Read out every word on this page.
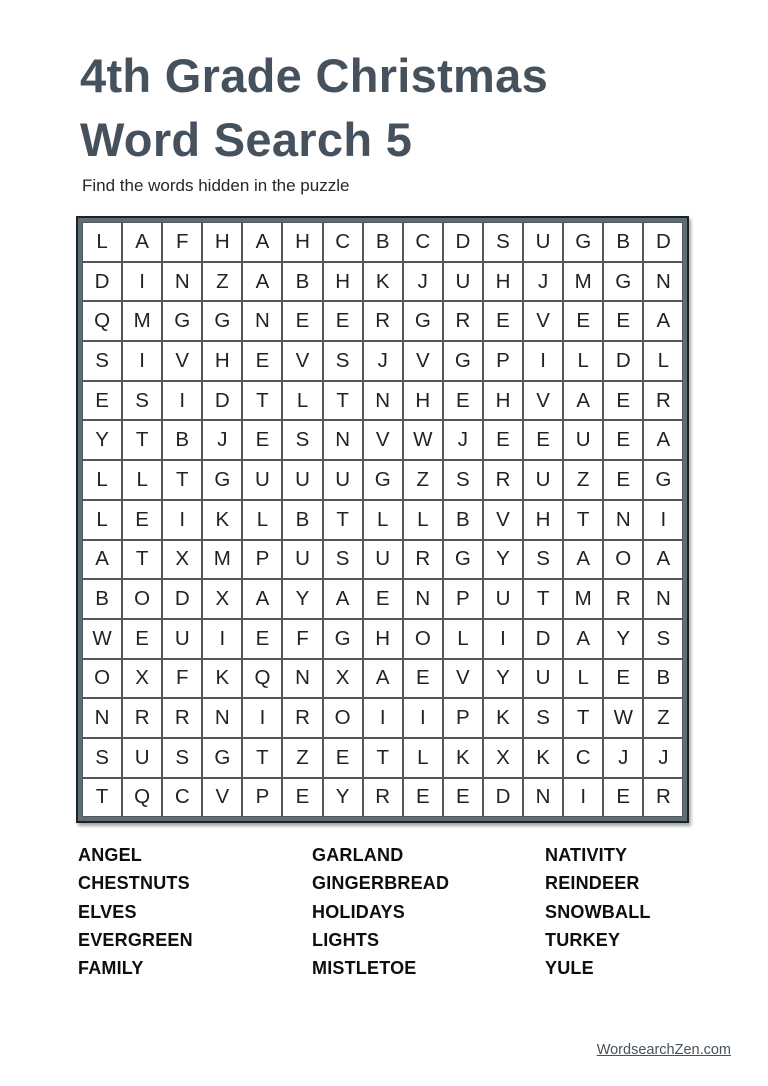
4th Grade Christmas
Word Search 5

Find the words hidden in the puzzle

L	A	F	H	A	H	C	B	C	D	S	U	G	B	D
D	I	N	Z	A	B	H	K	J	U	H	J	M	G	N
Q	M	G	G	N	E	E	R	G	R	E	V	E	E	A
S	I	V	H	E	V	S	J	V	G	P	I	L	D	L
E	S	I	D	T	L	T	N	H	E	H	V	A	E	R
Y	T	B	J	E	S	N	V	W	J	E	E	U	E	A
L	L	T	G	U	U	U	G	Z	S	R	U	Z	E	G
L	E	I	K	L	B	T	L	L	B	V	H	T	N	I
A	T	X	M	P	U	S	U	R	G	Y	S	A	O	A
B	O	D	X	A	Y	A	E	N	P	U	T	M	R	N
W	E	U	I	E	F	G	H	O	L	I	D	A	Y	S
O	X	F	K	Q	N	X	A	E	V	Y	U	L	E	B
N	R	R	N	I	R	O	I	I	P	K	S	T	W	Z
S	U	S	G	T	Z	E	T	L	K	X	K	C	J	J
T	Q	C	V	P	E	Y	R	E	E	D	N	I	E	R
ANGEL
CHESTNUTS
ELVES
EVERGREEN
FAMILY
GARLAND
GINGERBREAD
HOLIDAYS
LIGHTS
MISTLETOE
NATIVITY
REINDEER
SNOWBALL
TURKEY
YULE
WordsearchZen.com
